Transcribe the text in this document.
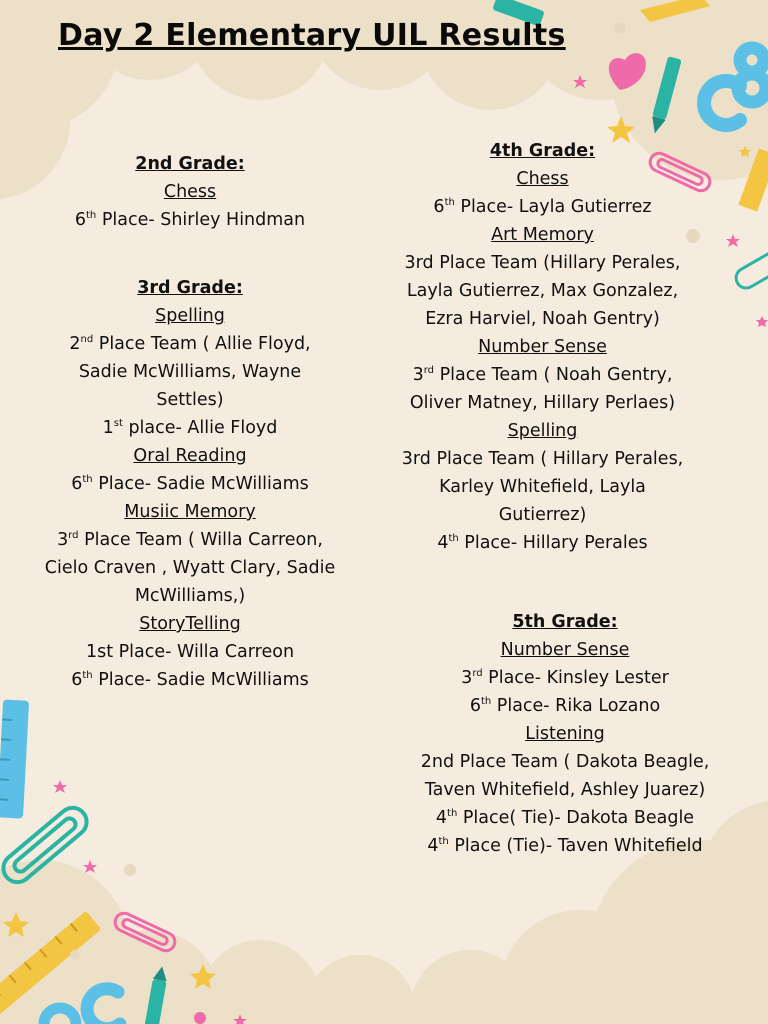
Day 2 Elementary UIL Results
2nd Grade:
Chess
6th Place- Shirley Hindman
3rd Grade:
Spelling
2nd Place Team ( Allie Floyd,
Sadie McWilliams, Wayne
Settles)
1st place- Allie Floyd
Oral Reading
6th Place- Sadie McWilliams
Musiic Memory
3rd Place Team ( Willa Carreon,
Cielo Craven , Wyatt Clary, Sadie
McWilliams,)
StoryTelling
1st Place- Willa Carreon
6th Place- Sadie McWilliams
4th Grade:
Chess
6th Place- Layla Gutierrez
Art Memory
3rd Place Team (Hillary Perales,
Layla Gutierrez, Max Gonzalez,
Ezra Harviel, Noah Gentry)
Number Sense
3rd Place Team ( Noah Gentry,
Oliver Matney, Hillary Perlaes)
Spelling
3rd Place Team ( Hillary Perales,
Karley Whitefield, Layla
Gutierrez)
4th Place- Hillary Perales
5th Grade:
Number Sense
3rd Place- Kinsley Lester
6th Place- Rika Lozano
Listening
2nd Place Team ( Dakota Beagle,
Taven Whitefield, Ashley Juarez)
4th Place( Tie)- Dakota Beagle
4th Place (Tie)- Taven Whitefield
